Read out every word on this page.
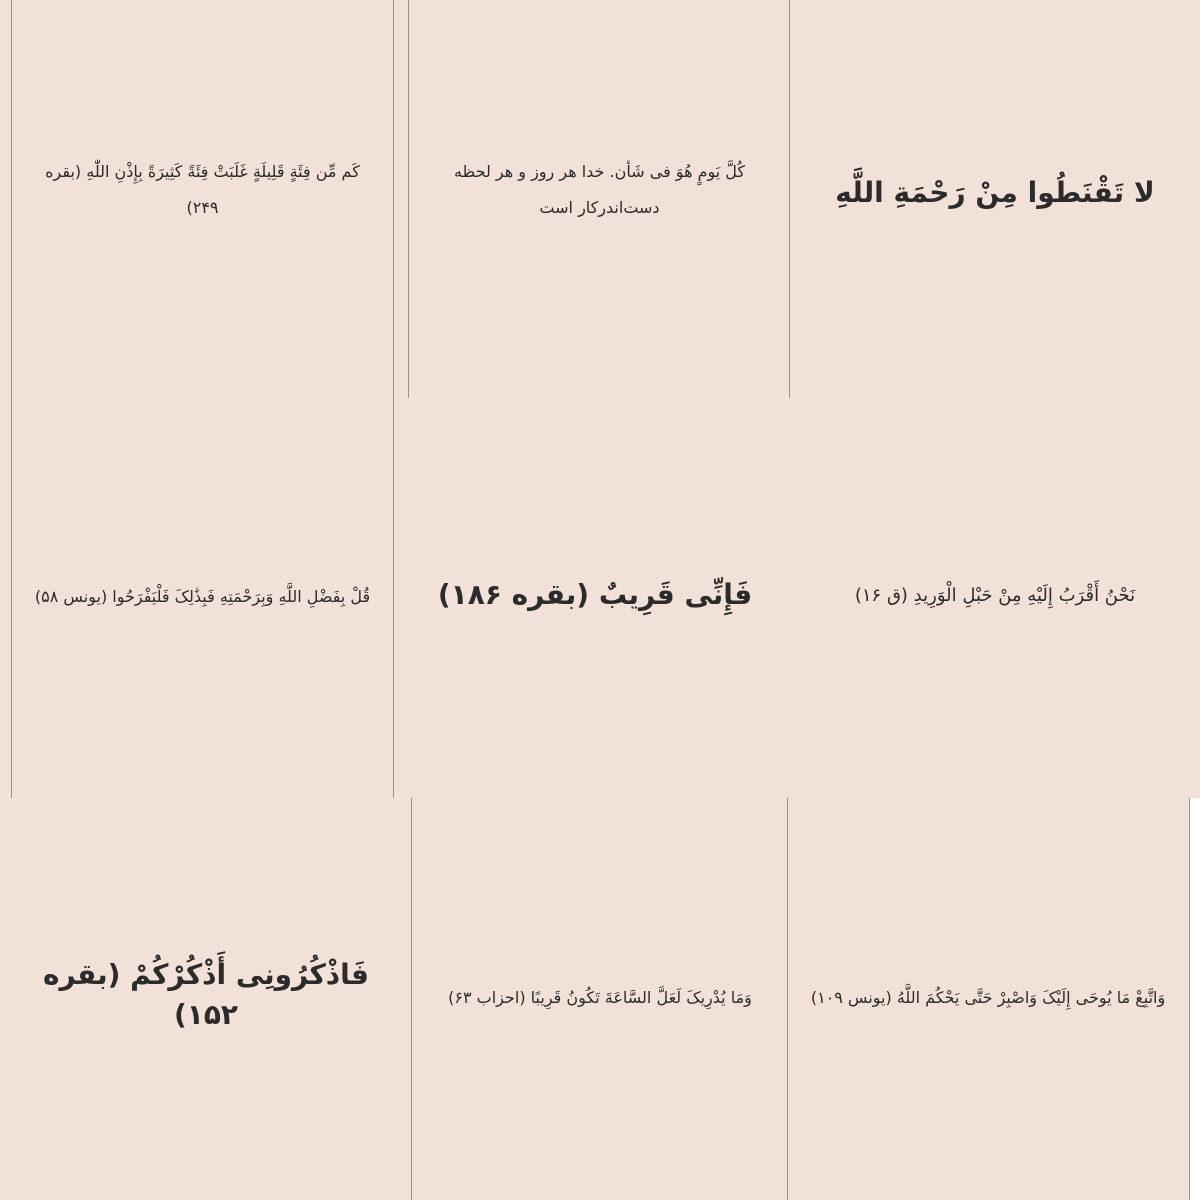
لا تَقْنَطُوا مِنْ رَحْمَةِ اللَّهِ
كُلَّ يَومٍ هُوَ فی شَأن. خدا هر روز و هر لحظه دست‌اندرکار است
كَم مِّن فِئَةٍ قَلِيلَةٍ غَلَبَتْ فِئَةً كَثِيرَةً بِإِذْنِ اللّٰهِ (بقره ۲۴۹)
نَحْنُ أَقْرَبُ إِلَيْهِ مِنْ حَبْلِ الْوَرِيدِ (ق ۱۶)
فَإِنِّی قَرِیبٌ (بقره ۱۸۶)
قُلْ بِفَضْلِ اللَّهِ وَبِرَحْمَتِهِ فَبِذَٰلِکَ فَلْيَفْرَحُوا (یونس ۵۸)
وَاتَّبِعْ مَا يُوحَى إِلَيْکَ وَاصْبِرْ حَتَّى يَحْكُمَ اللَّهُ (یونس ۱۰۹)
وَمَا يُدْرِيکَ لَعَلَّ السَّاعَةَ تَكُونُ قَرِيبًا (احزاب ۶۳)
فَاذْکُرُونِی أَذْکُرْکُمْ (بقره ۱۵۲)
